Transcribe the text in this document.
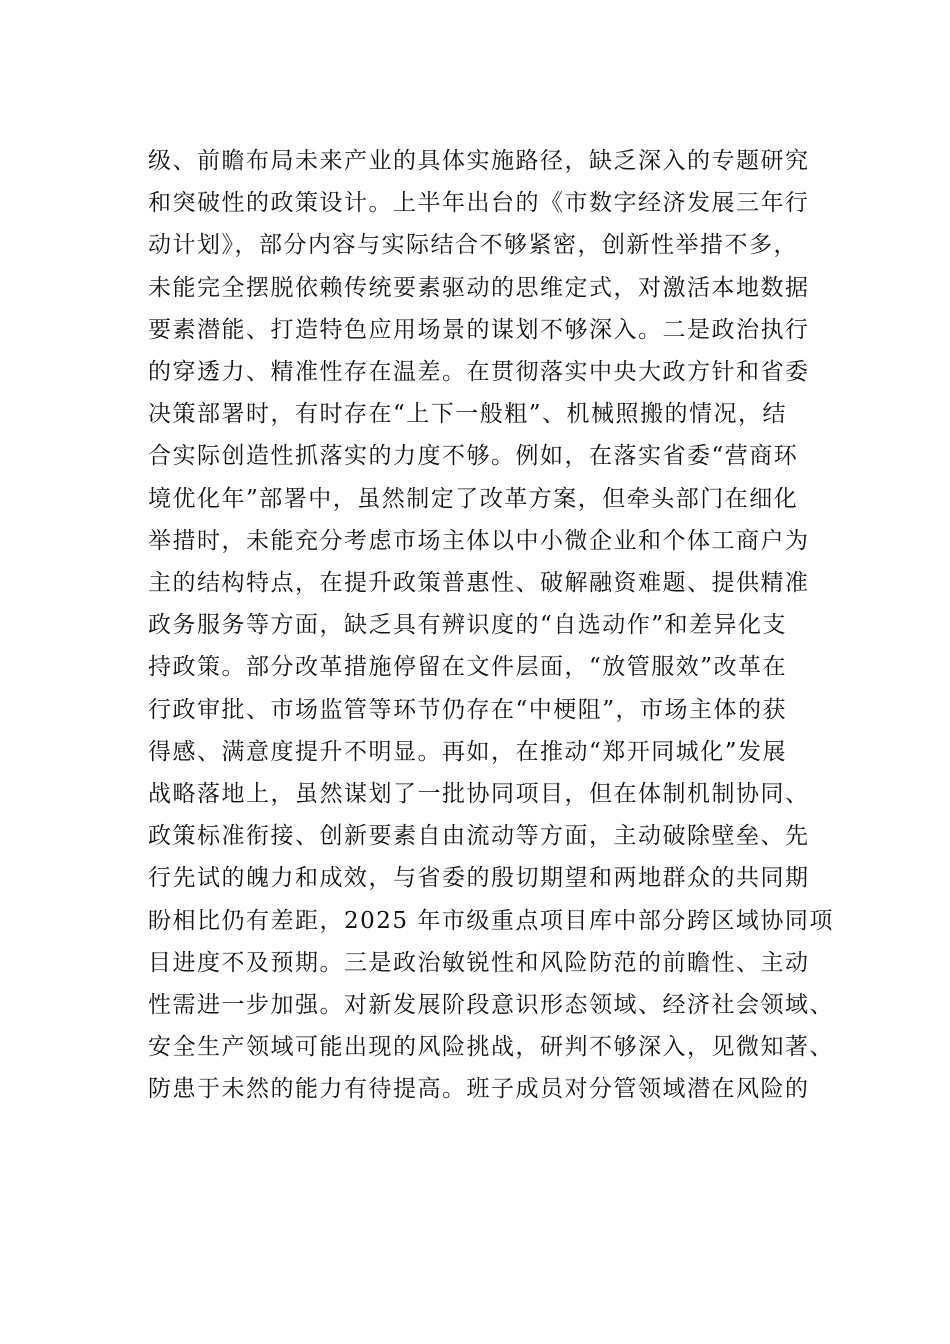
级、前瞻布局未来产业的具体实施路径，缺乏深入的专题研究
和突破性的政策设计。上半年出台的《市数字经济发展三年行
动计划》，部分内容与实际结合不够紧密，创新性举措不多，
未能完全摆脱依赖传统要素驱动的思维定式，对激活本地数据
要素潜能、打造特色应用场景的谋划不够深入。二是政治执行
的穿透力、精准性存在温差。在贯彻落实中央大政方针和省委
决策部署时，有时存在“上下一般粗”、机械照搬的情况，结
合实际创造性抓落实的力度不够。例如，在落实省委“营商环
境优化年”部署中，虽然制定了改革方案，但牵头部门在细化
举措时，未能充分考虑市场主体以中小微企业和个体工商户为
主的结构特点，在提升政策普惠性、破解融资难题、提供精准
政务服务等方面，缺乏具有辨识度的“自选动作”和差异化支
持政策。部分改革措施停留在文件层面，“放管服效”改革在
行政审批、市场监管等环节仍存在“中梗阻”，市场主体的获
得感、满意度提升不明显。再如，在推动“郑开同城化”发展
战略落地上，虽然谋划了一批协同项目，但在体制机制协同、
政策标准衔接、创新要素自由流动等方面，主动破除壁垒、先
行先试的魄力和成效，与省委的殷切期望和两地群众的共同期
盼相比仍有差距，2025 年市级重点项目库中部分跨区域协同项
目进度不及预期。三是政治敏锐性和风险防范的前瞻性、主动
性需进一步加强。对新发展阶段意识形态领域、经济社会领域、
安全生产领域可能出现的风险挑战，研判不够深入，见微知著、
防患于未然的能力有待提高。班子成员对分管领域潜在风险的
